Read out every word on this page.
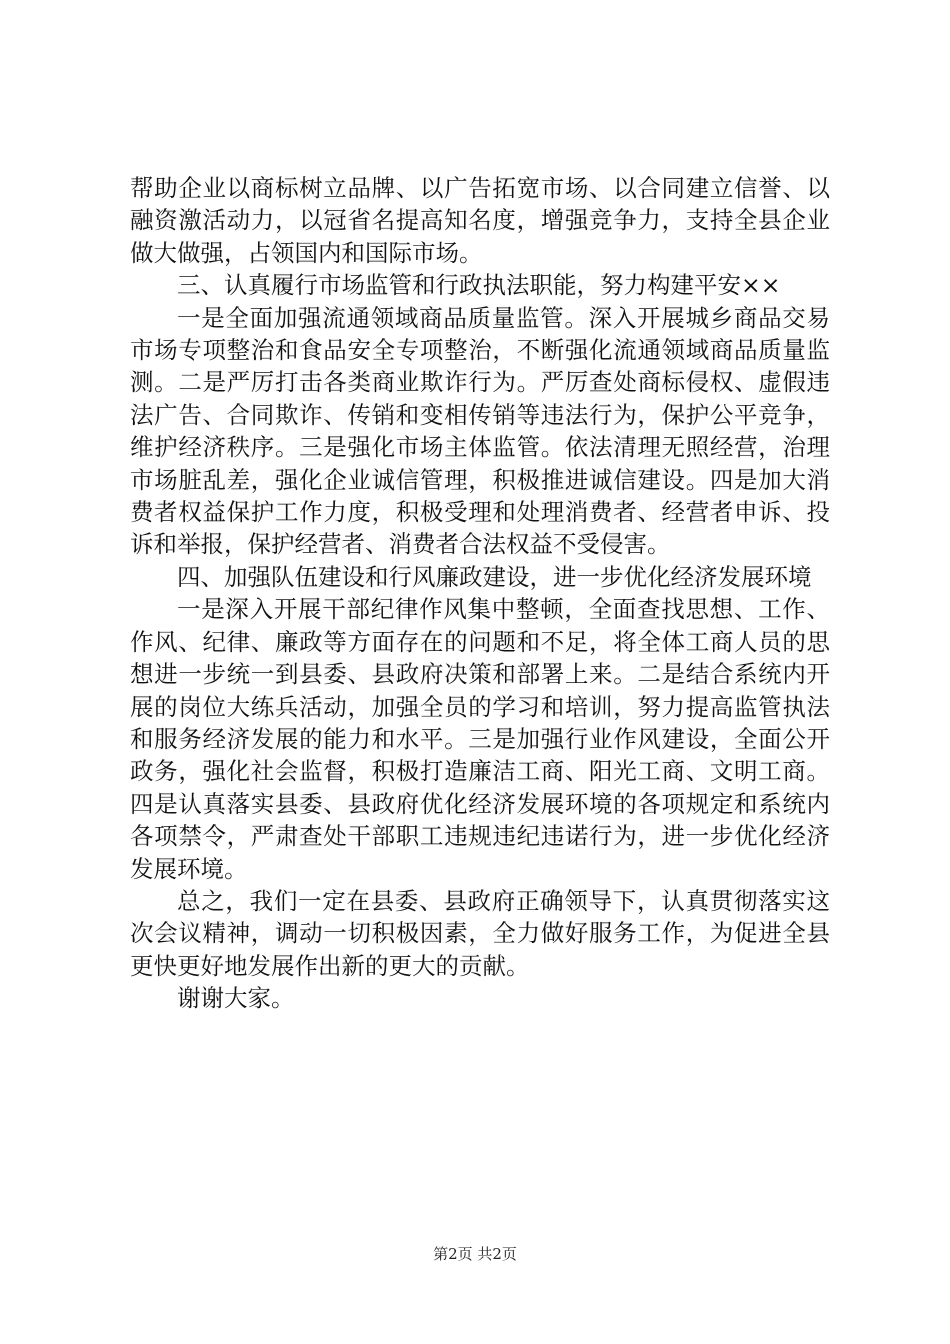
帮助企业以商标树立品牌、以广告拓宽市场、以合同建立信誉、以融资激活动力，以冠省名提高知名度，增强竞争力，支持全县企业做大做强，占领国内和国际市场。

三、认真履行市场监管和行政执法职能，努力构建平安××

一是全面加强流通领域商品质量监管。深入开展城乡商品交易市场专项整治和食品安全专项整治，不断强化流通领域商品质量监测。二是严厉打击各类商业欺诈行为。严厉查处商标侵权、虚假违法广告、合同欺诈、传销和变相传销等违法行为，保护公平竞争，维护经济秩序。三是强化市场主体监管。依法清理无照经营，治理市场脏乱差，强化企业诚信管理，积极推进诚信建设。四是加大消费者权益保护工作力度，积极受理和处理消费者、经营者申诉、投诉和举报，保护经营者、消费者合法权益不受侵害。

四、加强队伍建设和行风廉政建设，进一步优化经济发展环境

一是深入开展干部纪律作风集中整顿，全面查找思想、工作、作风、纪律、廉政等方面存在的问题和不足，将全体工商人员的思想进一步统一到县委、县政府决策和部署上来。二是结合系统内开展的岗位大练兵活动，加强全员的学习和培训，努力提高监管执法和服务经济发展的能力和水平。三是加强行业作风建设，全面公开政务，强化社会监督，积极打造廉洁工商、阳光工商、文明工商。四是认真落实县委、县政府优化经济发展环境的各项规定和系统内各项禁令，严肃查处干部职工违规违纪违诺行为，进一步优化经济发展环境。

总之，我们一定在县委、县政府正确领导下，认真贯彻落实这次会议精神，调动一切积极因素，全力做好服务工作，为促进全县更快更好地发展作出新的更大的贡献。

谢谢大家。

第2页 共2页
